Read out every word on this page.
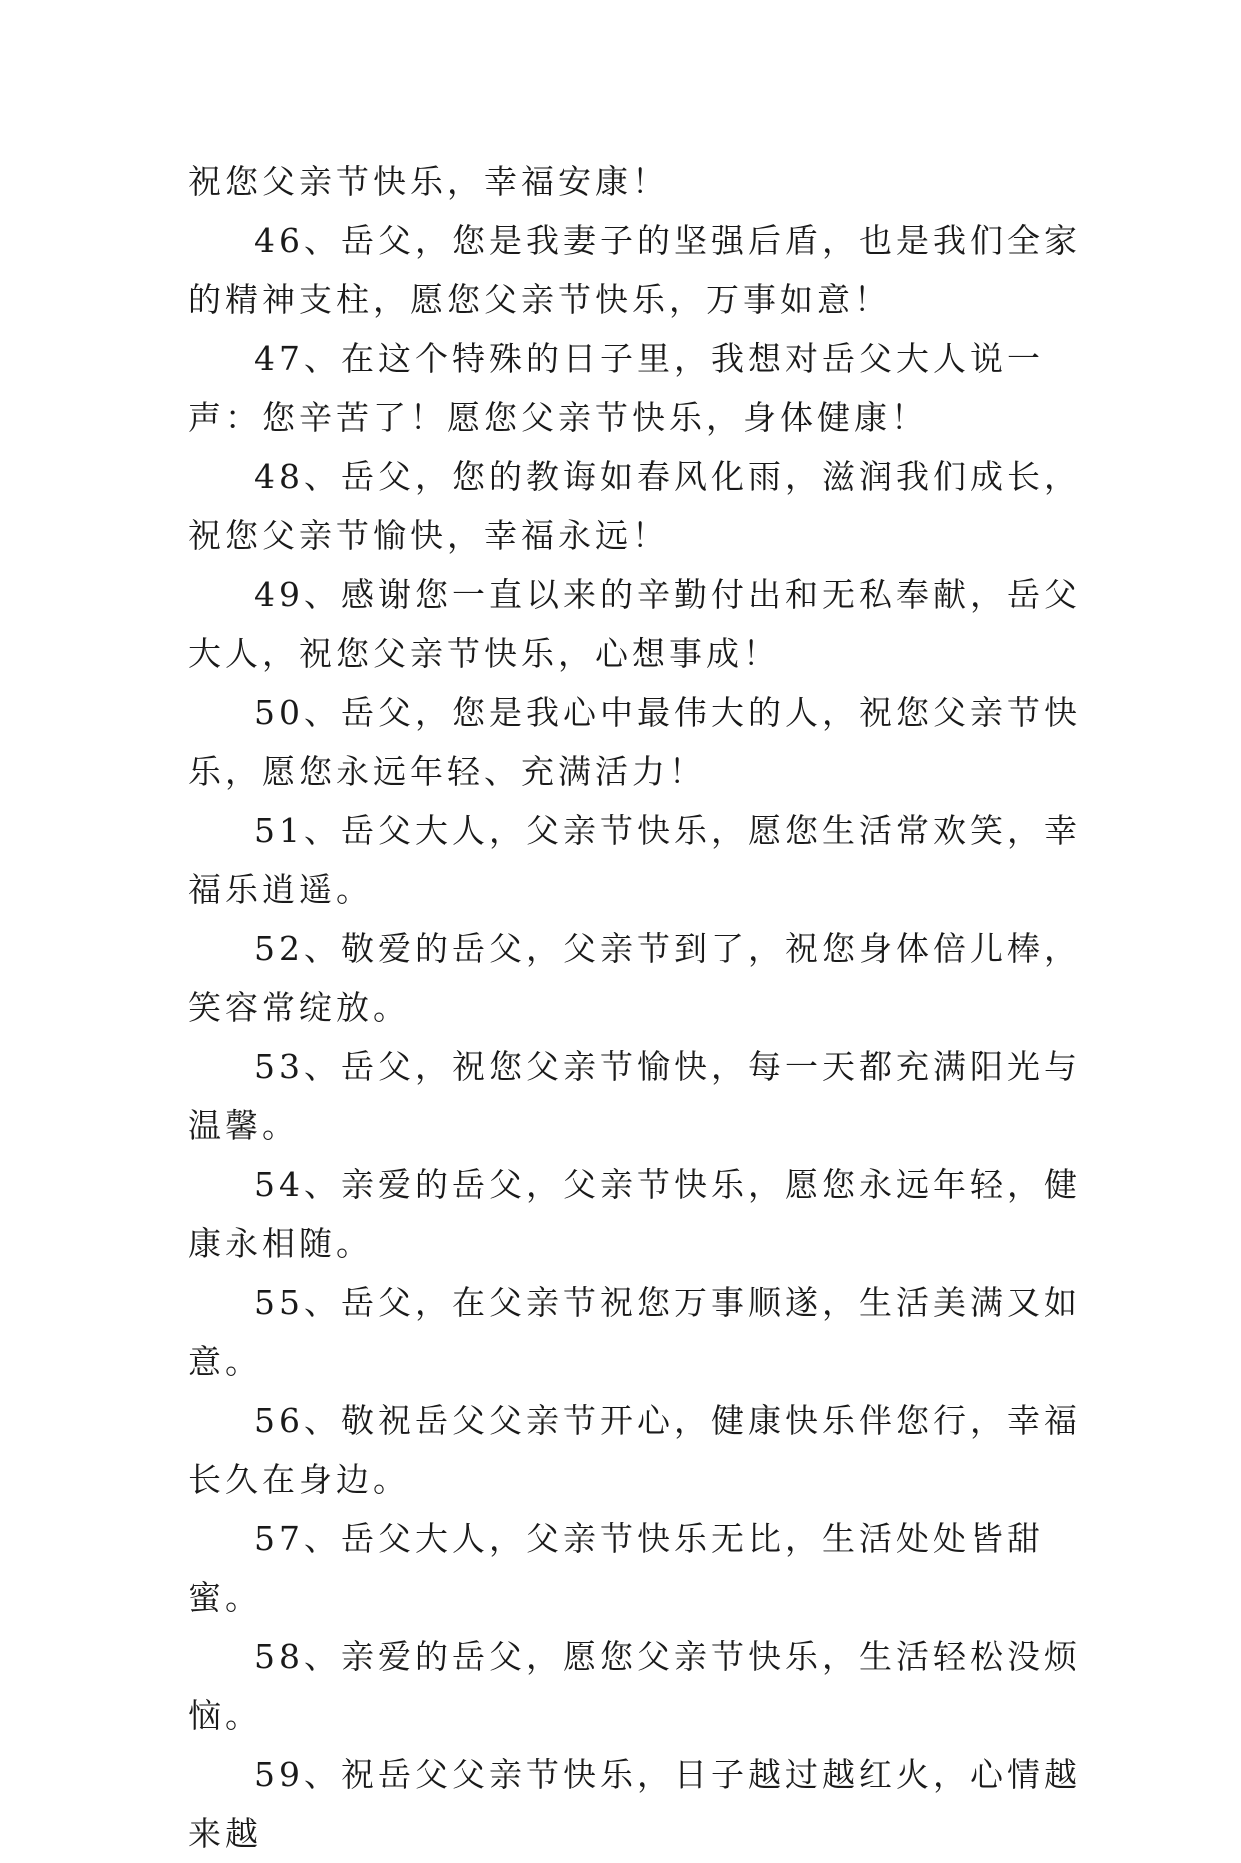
祝您父亲节快乐，幸福安康！

46、岳父，您是我妻子的坚强后盾，也是我们全家的精神支柱，愿您父亲节快乐，万事如意！

47、在这个特殊的日子里，我想对岳父大人说一声：您辛苦了！愿您父亲节快乐，身体健康！

48、岳父，您的教诲如春风化雨，滋润我们成长，祝您父亲节愉快，幸福永远！

49、感谢您一直以来的辛勤付出和无私奉献，岳父大人，祝您父亲节快乐，心想事成！

50、岳父，您是我心中最伟大的人，祝您父亲节快乐，愿您永远年轻、充满活力！

51、岳父大人，父亲节快乐，愿您生活常欢笑，幸福乐逍遥。

52、敬爱的岳父，父亲节到了，祝您身体倍儿棒，笑容常绽放。

53、岳父，祝您父亲节愉快，每一天都充满阳光与温馨。

54、亲爱的岳父，父亲节快乐，愿您永远年轻，健康永相随。

55、岳父，在父亲节祝您万事顺遂，生活美满又如意。

56、敬祝岳父父亲节开心，健康快乐伴您行，幸福长久在身边。

57、岳父大人，父亲节快乐无比，生活处处皆甜蜜。

58、亲爱的岳父，愿您父亲节快乐，生活轻松没烦恼。

59、祝岳父父亲节快乐，日子越过越红火，心情越来越
